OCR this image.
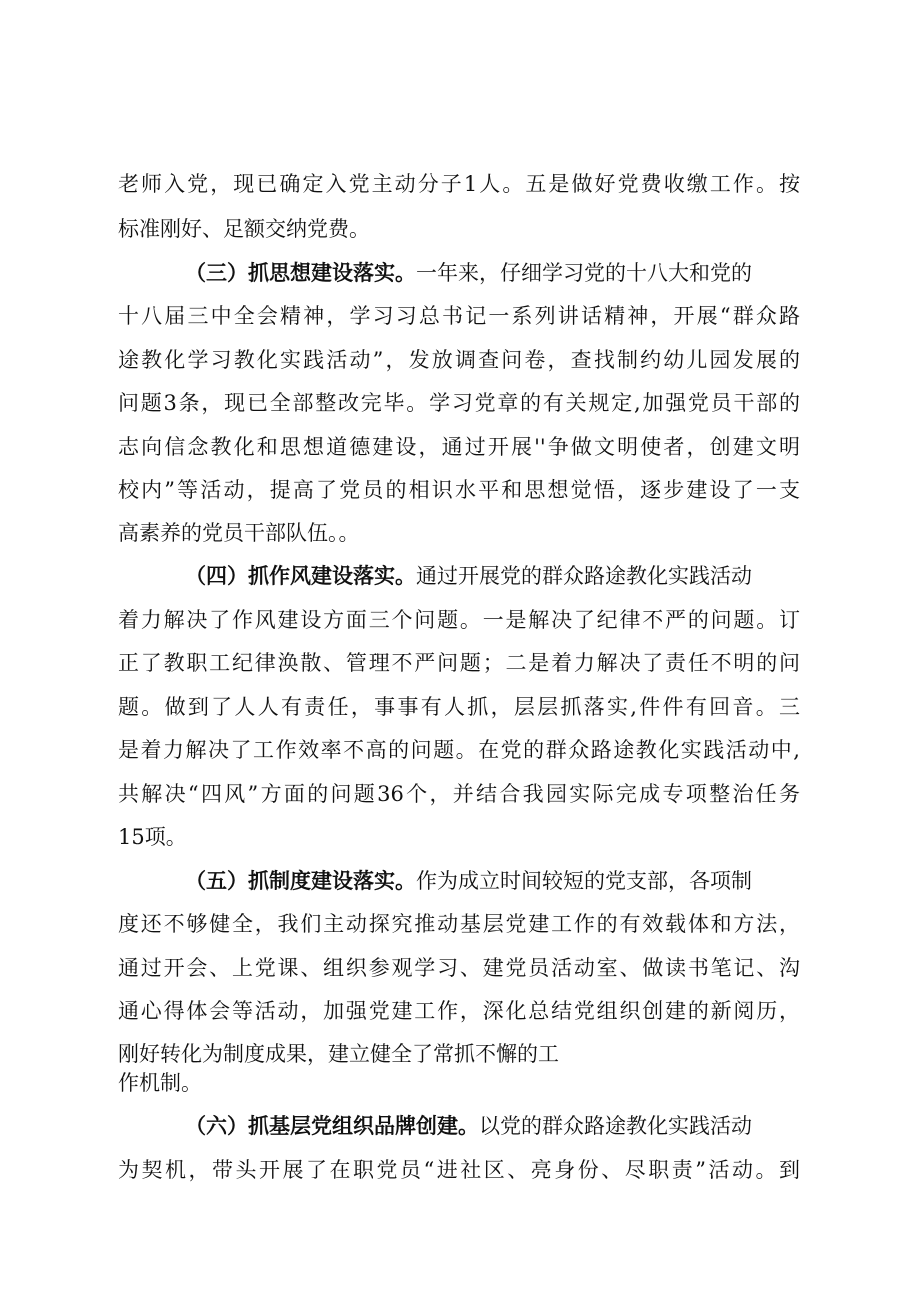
老师入党，现已确定入党主动分子1人。五是做好党费收缴工作。按
标准刚好、足额交纳党费。
（三）抓思想建设落实。一年来，仔细学习党的十八大和党的
十八届三中全会精神，学习习总书记一系列讲话精神，开展“群众路
途教化学习教化实践活动”，发放调查问卷，查找制约幼儿园发展的
问题3条，现已全部整改完毕。学习党章的有关规定,加强党员干部的
志向信念教化和思想道德建设，通过开展''争做文明使者，创建文明
校内”等活动，提高了党员的相识水平和思想觉悟，逐步建设了一支
高素养的党员干部队伍。。
（四）抓作风建设落实。通过开展党的群众路途教化实践活动
着力解决了作风建设方面三个问题。一是解决了纪律不严的问题。订
正了教职工纪律涣散、管理不严问题；二是着力解决了责任不明的问
题。做到了人人有责任，事事有人抓，层层抓落实,件件有回音。三
是着力解决了工作效率不高的问题。在党的群众路途教化实践活动中,
共解决“四风”方面的问题36个，并结合我园实际完成专项整治任务
15项。
（五）抓制度建设落实。作为成立时间较短的党支部，各项制
度还不够健全，我们主动探究推动基层党建工作的有效载体和方法，
通过开会、上党课、组织参观学习、建党员活动室、做读书笔记、沟
通心得体会等活动，加强党建工作，深化总结党组织创建的新阅历，
刚好转化为制度成果，建立健全了常抓不懈的工
作机制。
（六）抓基层党组织品牌创建。以党的群众路途教化实践活动
为契机，带头开展了在职党员“进社区、亮身份、尽职责”活动。到
